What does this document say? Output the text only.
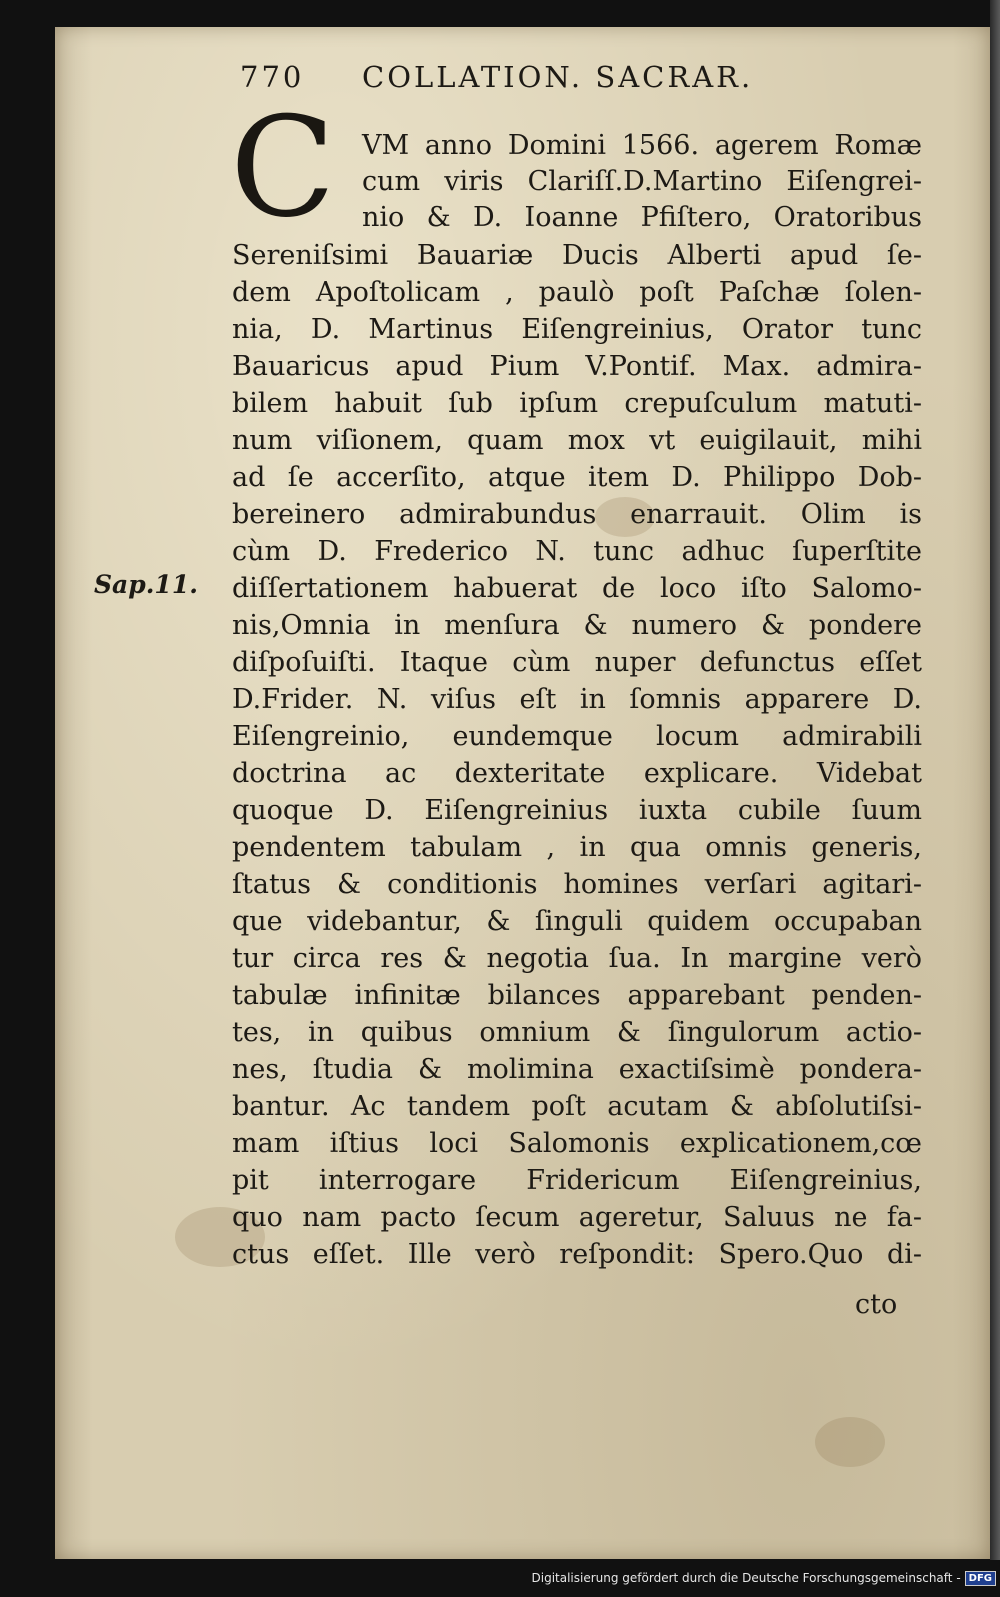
770 COLLATION. SACRAR.
C
Sap.11.
VM anno Domini 1566. agerem Romæ
cum viris Clariſſ.D.Martino Eiſengrei-
nio & D. Ioanne Pfiſtero, Oratoribus
Sereniſsimi Bauariæ Ducis Alberti apud ſe-
dem Apoſtolicam , paulò poſt Paſchæ ſolen-
nia, D. Martinus Eiſengreinius, Orator tunc
Bauaricus apud Pium V.Pontif. Max. admira-
bilem habuit ſub ipſum crepuſculum matuti-
num viſionem, quam mox vt euigilauit, mihi
ad ſe accerſito, atque item D. Philippo Dob-
bereinero admirabundus enarrauit. Olim is
cùm D. Frederico N. tunc adhuc ſuperſtite
diſſertationem habuerat de loco iſto Salomo-
nis,Omnia in menſura & numero & pondere
diſpoſuiſti. Itaque cùm nuper defunctus eſſet
D.Frider. N. viſus eſt in ſomnis apparere D.
Eiſengreinio, eundemque locum admirabili
doctrina ac dexteritate explicare. Videbat
quoque D. Eiſengreinius iuxta cubile ſuum
pendentem tabulam , in qua omnis generis,
ſtatus & conditionis homines verſari agitari-
que videbantur, & ſinguli quidem occupaban
tur circa res & negotia ſua. In margine verò
tabulæ infinitæ bilances apparebant penden-
tes, in quibus omnium & ſingulorum actio-
nes, ſtudia & molimina exactiſsimè pondera-
bantur. Ac tandem poſt acutam & abſolutiſsi-
mam iſtius loci Salomonis explicationem,cœ
pit interrogare Fridericum Eiſengreinius,
quo nam pacto ſecum ageretur, Saluus ne fa-
ctus eſſet. Ille verò reſpondit: Spero.Quo di-
cto
Digitalisierung gefördert durch die Deutsche Forschungsgemeinschaft - DFG
